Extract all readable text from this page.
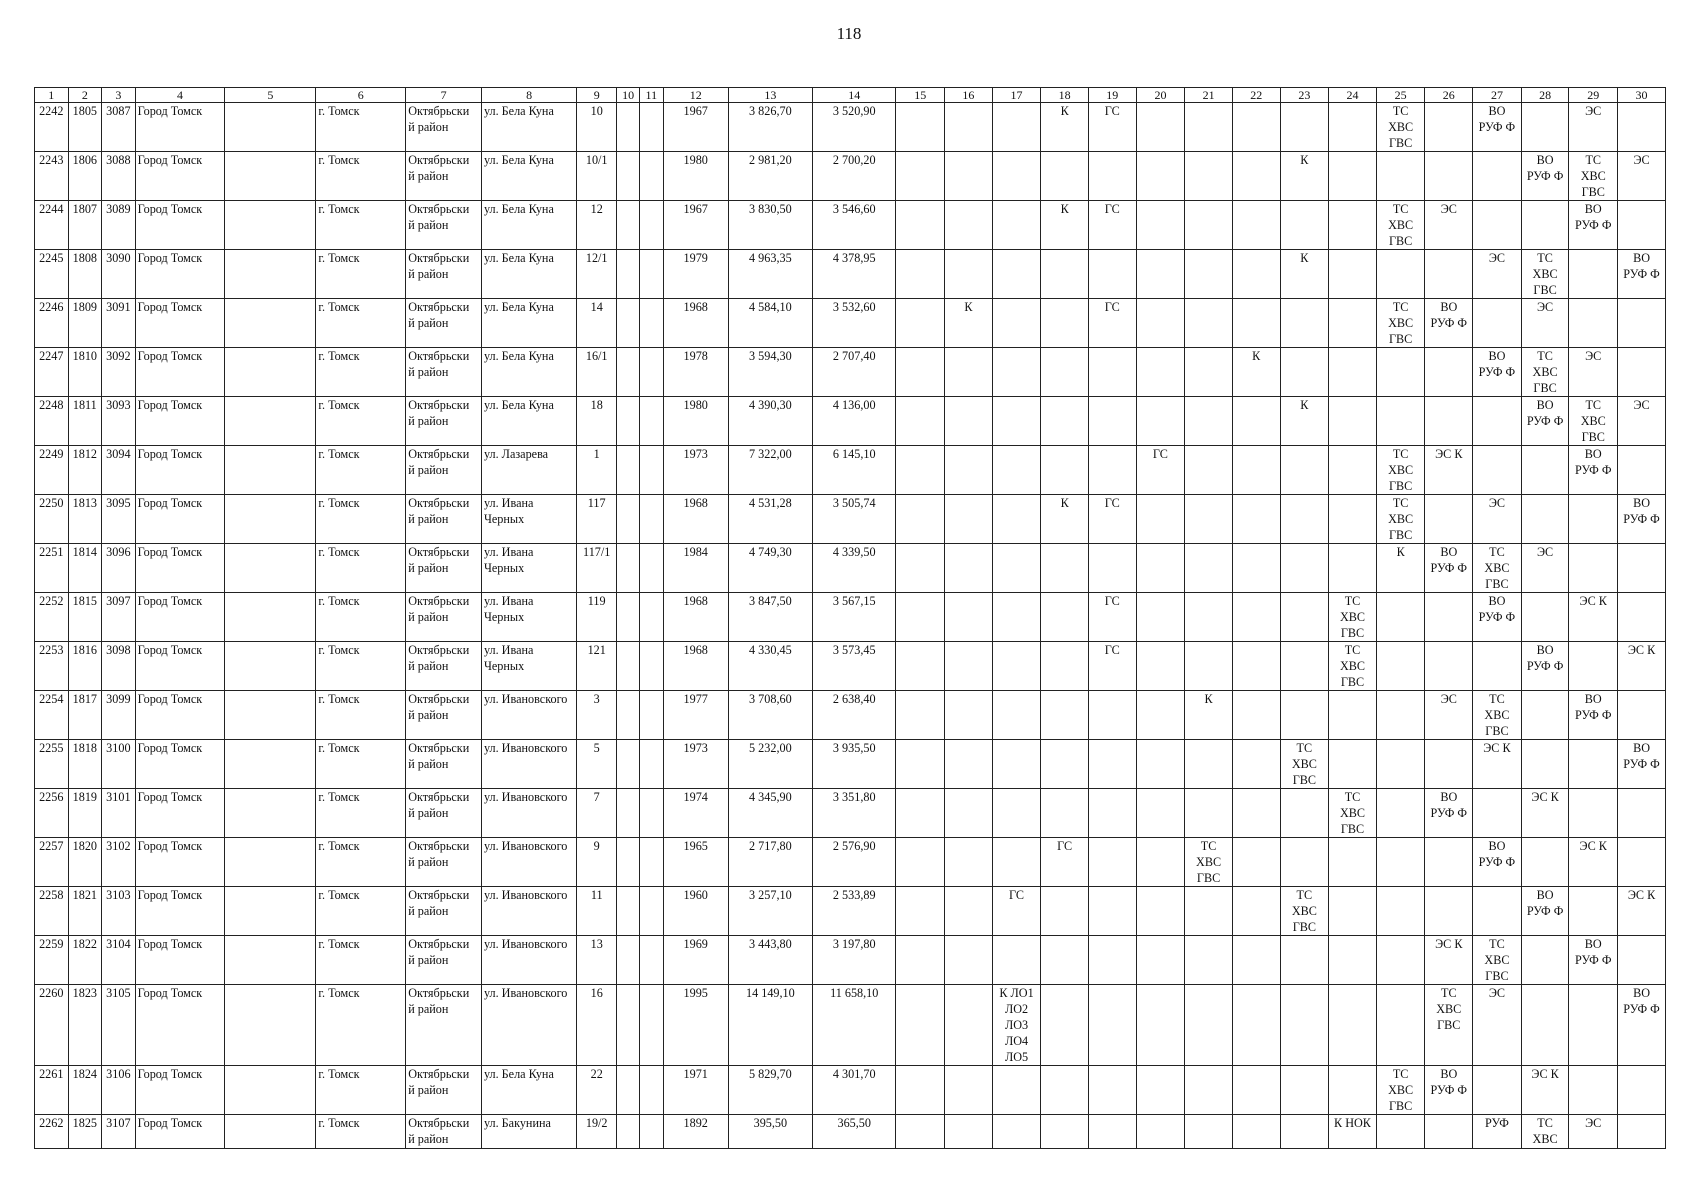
118
1	2	3	4	5	6	7	8	9	10	11	12	13	14	15	16	17	18	19	20	21	22	23	24	25	26	27	28	29	30
2242	1805	3087	Город Томск		г. Томск	Октябрьски
й район	ул. Бела Куна	10			1967	3 826,70	3 520,90				К	ГС						ТС
ХВС
ГВС		ВО
РУФ Ф		ЭС	
2243	1806	3088	Город Томск		г. Томск	Октябрьски
й район	ул. Бела Куна	10/1			1980	2 981,20	2 700,20									К					ВО
РУФ Ф	ТС
ХВС
ГВС	ЭС
2244	1807	3089	Город Томск		г. Томск	Октябрьски
й район	ул. Бела Куна	12			1967	3 830,50	3 546,60				К	ГС						ТС
ХВС
ГВС	ЭС			ВО
РУФ Ф	
2245	1808	3090	Город Томск		г. Томск	Октябрьски
й район	ул. Бела Куна	12/1			1979	4 963,35	4 378,95									К				ЭС	ТС
ХВС
ГВС		ВО
РУФ Ф
2246	1809	3091	Город Томск		г. Томск	Октябрьски
й район	ул. Бела Куна	14			1968	4 584,10	3 532,60		К			ГС						ТС
ХВС
ГВС	ВО
РУФ Ф		ЭС		
2247	1810	3092	Город Томск		г. Томск	Октябрьски
й район	ул. Бела Куна	16/1			1978	3 594,30	2 707,40								К					ВО
РУФ Ф	ТС
ХВС
ГВС	ЭС	
2248	1811	3093	Город Томск		г. Томск	Октябрьски
й район	ул. Бела Куна	18			1980	4 390,30	4 136,00									К					ВО
РУФ Ф	ТС
ХВС
ГВС	ЭС
2249	1812	3094	Город Томск		г. Томск	Октябрьски
й район	ул. Лазарева	1			1973	7 322,00	6 145,10						ГС					ТС
ХВС
ГВС	ЭС К			ВО
РУФ Ф	
2250	1813	3095	Город Томск		г. Томск	Октябрьски
й район	ул. Ивана
Черных	117			1968	4 531,28	3 505,74				К	ГС						ТС
ХВС
ГВС		ЭС			ВО
РУФ Ф
2251	1814	3096	Город Томск		г. Томск	Октябрьски
й район	ул. Ивана
Черных	117/1			1984	4 749,30	4 339,50											К	ВО
РУФ Ф	ТС
ХВС
ГВС	ЭС		
2252	1815	3097	Город Томск		г. Томск	Октябрьски
й район	ул. Ивана
Черных	119			1968	3 847,50	3 567,15					ГС					ТС
ХВС
ГВС			ВО
РУФ Ф		ЭС К	
2253	1816	3098	Город Томск		г. Томск	Октябрьски
й район	ул. Ивана
Черных	121			1968	4 330,45	3 573,45					ГС					ТС
ХВС
ГВС				ВО
РУФ Ф		ЭС К
2254	1817	3099	Город Томск		г. Томск	Октябрьски
й район	ул. Ивановского	3			1977	3 708,60	2 638,40							К					ЭС	ТС
ХВС
ГВС		ВО
РУФ Ф	
2255	1818	3100	Город Томск		г. Томск	Октябрьски
й район	ул. Ивановского	5			1973	5 232,00	3 935,50									ТС
ХВС
ГВС				ЭС К			ВО
РУФ Ф
2256	1819	3101	Город Томск		г. Томск	Октябрьски
й район	ул. Ивановского	7			1974	4 345,90	3 351,80										ТС
ХВС
ГВС		ВО
РУФ Ф		ЭС К		
2257	1820	3102	Город Томск		г. Томск	Октябрьски
й район	ул. Ивановского	9			1965	2 717,80	2 576,90				ГС			ТС
ХВС
ГВС						ВО
РУФ Ф		ЭС К	
2258	1821	3103	Город Томск		г. Томск	Октябрьски
й район	ул. Ивановского	11			1960	3 257,10	2 533,89			ГС						ТС
ХВС
ГВС					ВО
РУФ Ф		ЭС К
2259	1822	3104	Город Томск		г. Томск	Октябрьски
й район	ул. Ивановского	13			1969	3 443,80	3 197,80												ЭС К	ТС
ХВС
ГВС		ВО
РУФ Ф	
2260	1823	3105	Город Томск		г. Томск	Октябрьски
й район	ул. Ивановского	16			1995	14 149,10	11 658,10			К ЛО1
ЛО2
ЛО3
ЛО4
ЛО5									ТС
ХВС
ГВС	ЭС			ВО
РУФ Ф
2261	1824	3106	Город Томск		г. Томск	Октябрьски
й район	ул. Бела Куна	22			1971	5 829,70	4 301,70											ТС
ХВС
ГВС	ВО
РУФ Ф		ЭС К		
2262	1825	3107	Город Томск		г. Томск	Октябрьски
й район	ул. Бакунина	19/2			1892	395,50	365,50										К НОК			РУФ	ТС
ХВС	ЭС	
